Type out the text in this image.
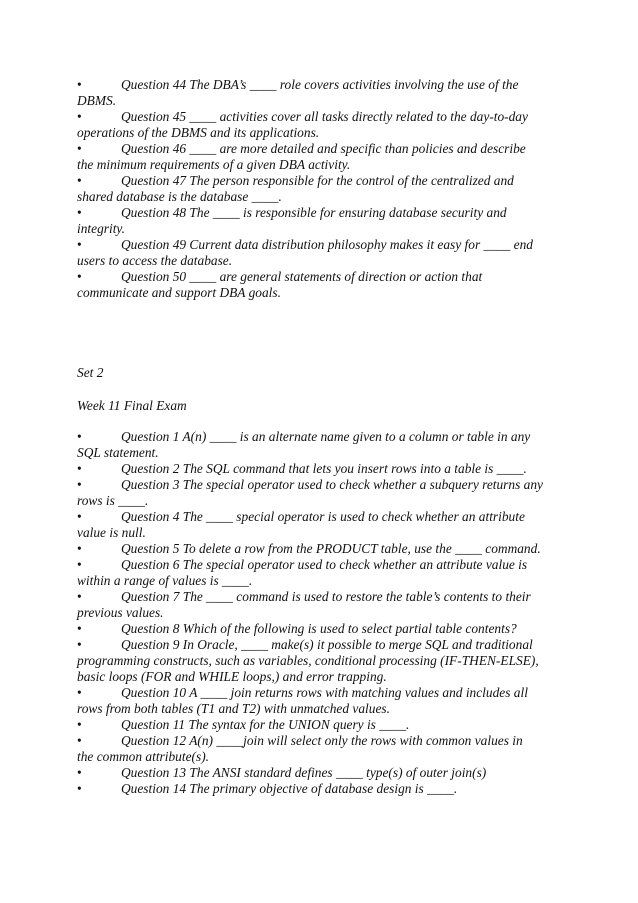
•	Question 44 The DBA’s ____ role covers activities involving the use of the
DBMS.
•	Question 45 ____ activities cover all tasks directly related to the day-to-day
operations of the DBMS and its applications.
•	Question 46 ____ are more detailed and specific than policies and describe
the minimum requirements of a given DBA activity.
•	Question 47 The person responsible for the control of the centralized and
shared database is the database ____.
•	Question 48 The ____ is responsible for ensuring database security and
integrity.
•	Question 49 Current data distribution philosophy makes it easy for ____ end
users to access the database.
•	Question 50 ____ are general statements of direction or action that
communicate and support DBA goals.

Set 2

Week 11 Final Exam

•	Question 1 A(n) ____ is an alternate name given to a column or table in any
SQL statement.
•	Question 2 The SQL command that lets you insert rows into a table is ____.
•	Question 3 The special operator used to check whether a subquery returns any
rows is ____.
•	Question 4 The ____ special operator is used to check whether an attribute
value is null.
•	Question 5 To delete a row from the PRODUCT table, use the ____ command.
•	Question 6 The special operator used to check whether an attribute value is
within a range of values is ____.
•	Question 7 The ____ command is used to restore the table’s contents to their
previous values.
•	Question 8 Which of the following is used to select partial table contents?
•	Question 9 In Oracle, ____ make(s) it possible to merge SQL and traditional
programming constructs, such as variables, conditional processing (IF-THEN-ELSE),
basic loops (FOR and WHILE loops,) and error trapping.
•	Question 10 A ____ join returns rows with matching values and includes all
rows from both tables (T1 and T2) with unmatched values.
•	Question 11 The syntax for the UNION query is ____.
•	Question 12 A(n) ____join will select only the rows with common values in
the common attribute(s).
•	Question 13 The ANSI standard defines ____ type(s) of outer join(s)
•	Question 14 The primary objective of database design is ____.
